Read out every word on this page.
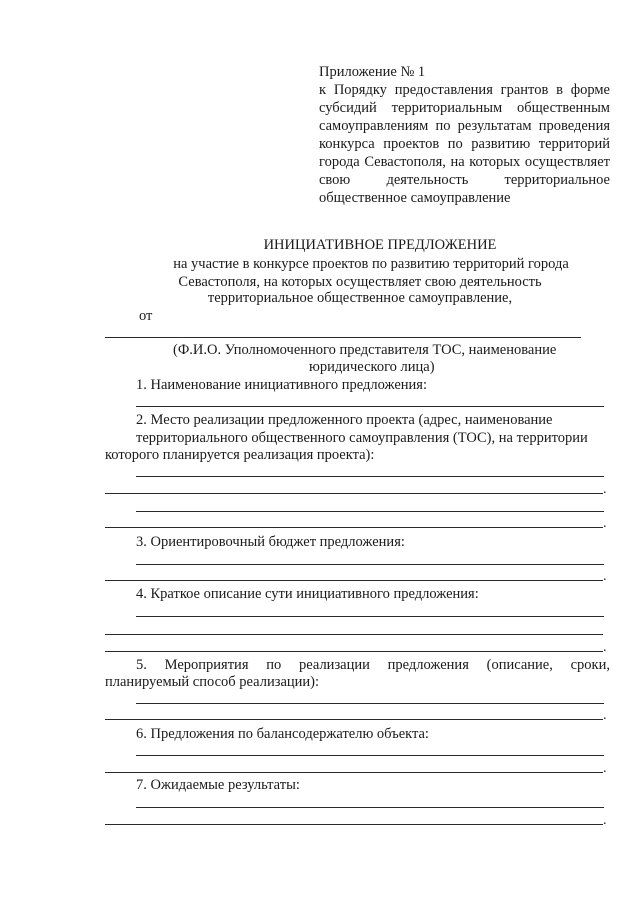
Приложение № 1

к Порядку предоставления грантов в форме субсидий территориальным общественным самоуправлениям по результатам проведения конкурса проектов по развитию территорий города Севастополя, на которых осуществляет свою деятельность территориальное общественное самоуправление

ИНИЦИАТИВНОЕ ПРЕДЛОЖЕНИЕ
на участие в конкурсе проектов по развитию территорий города
Севастополя, на которых осуществляет свою деятельность
территориальное общественное самоуправление,
от
(Ф.И.О. Уполномоченного представителя ТОС, наименование
юридического лица)
1. Наименование инициативного предложения:
2. Место реализации предложенного проекта (адрес, наименование
территориального общественного самоуправления (ТОС), на территории
которого планируется реализация проекта):
.
.
3. Ориентировочный бюджет предложения:
.
4. Краткое описание сути инициативного предложения:
.
5. Мероприятия по реализации предложения (описание, сроки,
планируемый способ реализации):
.
6. Предложения по балансодержателю объекта:
.
7. Ожидаемые результаты:
.
